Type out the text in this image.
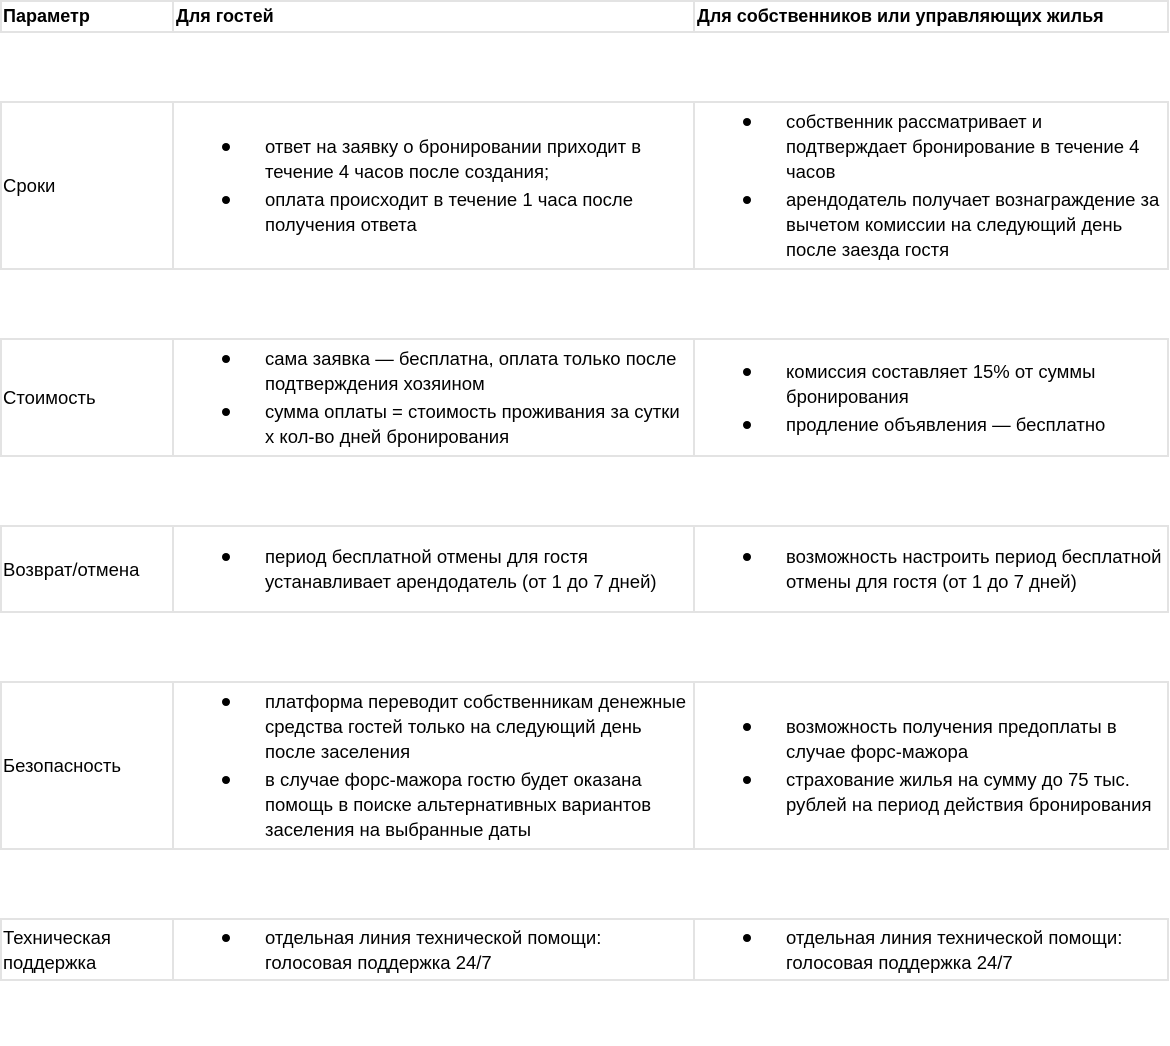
Параметр	Для гостей	Для собственников или управляющих жилья
Сроки
ответ на заявку о бронировании приходит в течение 4 часов после создания;
оплата происходит в течение 1 часа после получения ответа
собственник рассматривает и подтверждает бронирование в течение 4 часов
арендодатель получает вознаграждение за вычетом комиссии на следующий день после заезда гостя
Стоимость
сама заявка — бесплатна, оплата только после подтверждения хозяином
сумма оплаты = стоимость проживания за сутки х кол-во дней бронирования
комиссия составляет 15% от суммы бронирования
продление объявления — бесплатно
Возврат/отмена
период бесплатной отмены для гостя устанавливает арендодатель (от 1 до 7 дней)
возможность настроить период бесплатной отмены для гостя (от 1 до 7 дней)
Безопасность
платформа переводит собственникам денежные средства гостей только на следующий день после заселения
в случае форс-мажора гостю будет оказана помощь в поиске альтернативных вариантов заселения на выбранные даты
возможность получения предоплаты в случае форс-мажора
страхование жилья на сумму до 75 тыс. рублей на период действия бронирования
Техническая поддержка
отдельная линия технической помощи: голосовая поддержка 24/7
отдельная линия технической помощи: голосовая поддержка 24/7
